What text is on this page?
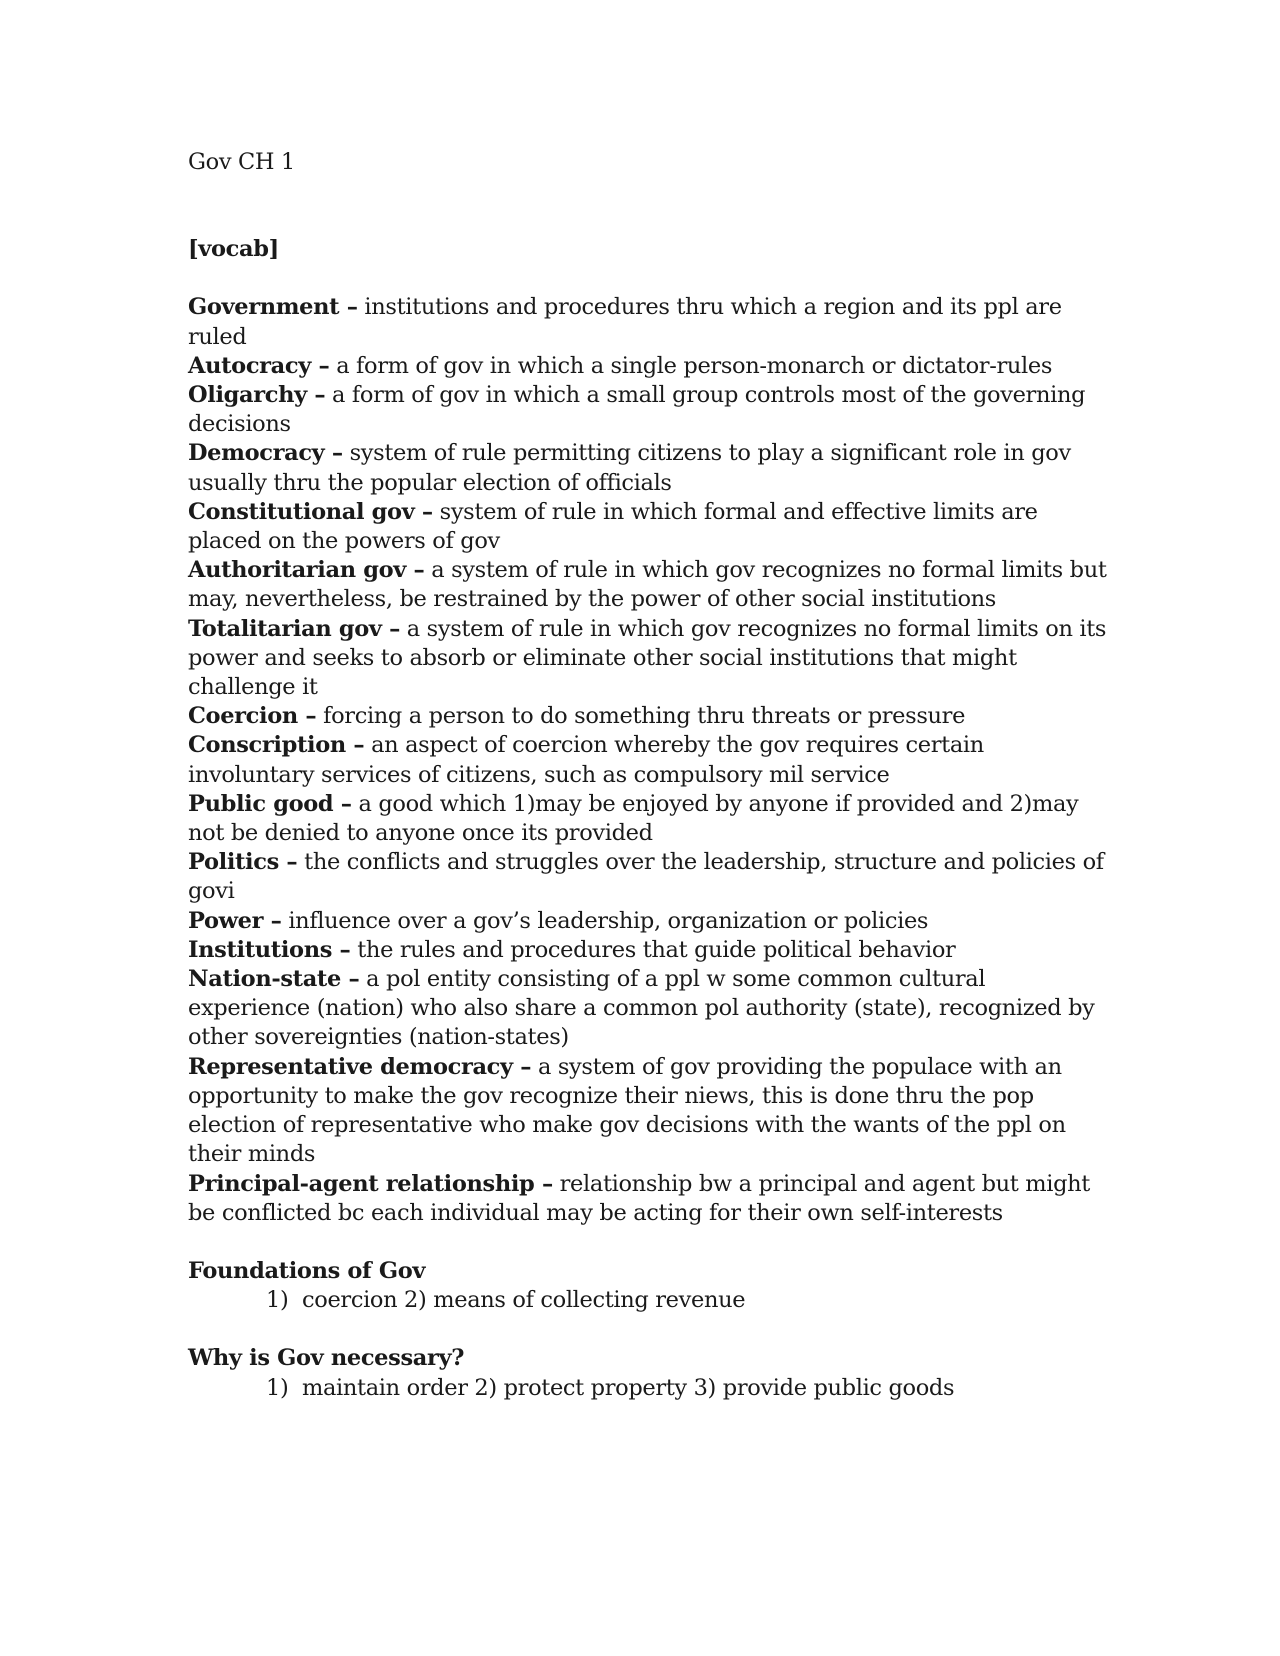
Gov CH 1

[vocab]

Government – institutions and procedures thru which a region and its ppl are ruled
Autocracy – a form of gov in which a single person-monarch or dictator-rules
Oligarchy – a form of gov in which a small group controls most of the governing decisions
Democracy – system of rule permitting citizens to play a significant role in gov usually thru the popular election of officials
Constitutional gov – system of rule in which formal and effective limits are placed on the powers of gov
Authoritarian gov – a system of rule in which gov recognizes no formal limits but may, nevertheless, be restrained by the power of other social institutions
Totalitarian gov – a system of rule in which gov recognizes no formal limits on its power and seeks to absorb or eliminate other social institutions that might challenge it
Coercion – forcing a person to do something thru threats or pressure
Conscription – an aspect of coercion whereby the gov requires certain involuntary services of citizens, such as compulsory mil service
Public good – a good which 1)may be enjoyed by anyone if provided and 2)may not be denied to anyone once its provided
Politics – the conflicts and struggles over the leadership, structure and policies of govi
Power – influence over a gov’s leadership, organization or policies
Institutions – the rules and procedures that guide political behavior
Nation-state – a pol entity consisting of a ppl w some common cultural experience (nation) who also share a common pol authority (state), recognized by other sovereignties (nation-states)
Representative democracy – a system of gov providing the populace with an opportunity to make the gov recognize their niews, this is done thru the pop election of representative who make gov decisions with the wants of the ppl on their minds
Principal-agent relationship – relationship bw a principal and agent but might be conflicted bc each individual may be acting for their own self-interests

Foundations of Gov

1) coercion 2) means of collecting revenue

Why is Gov necessary?

1) maintain order 2) protect property 3) provide public goods
